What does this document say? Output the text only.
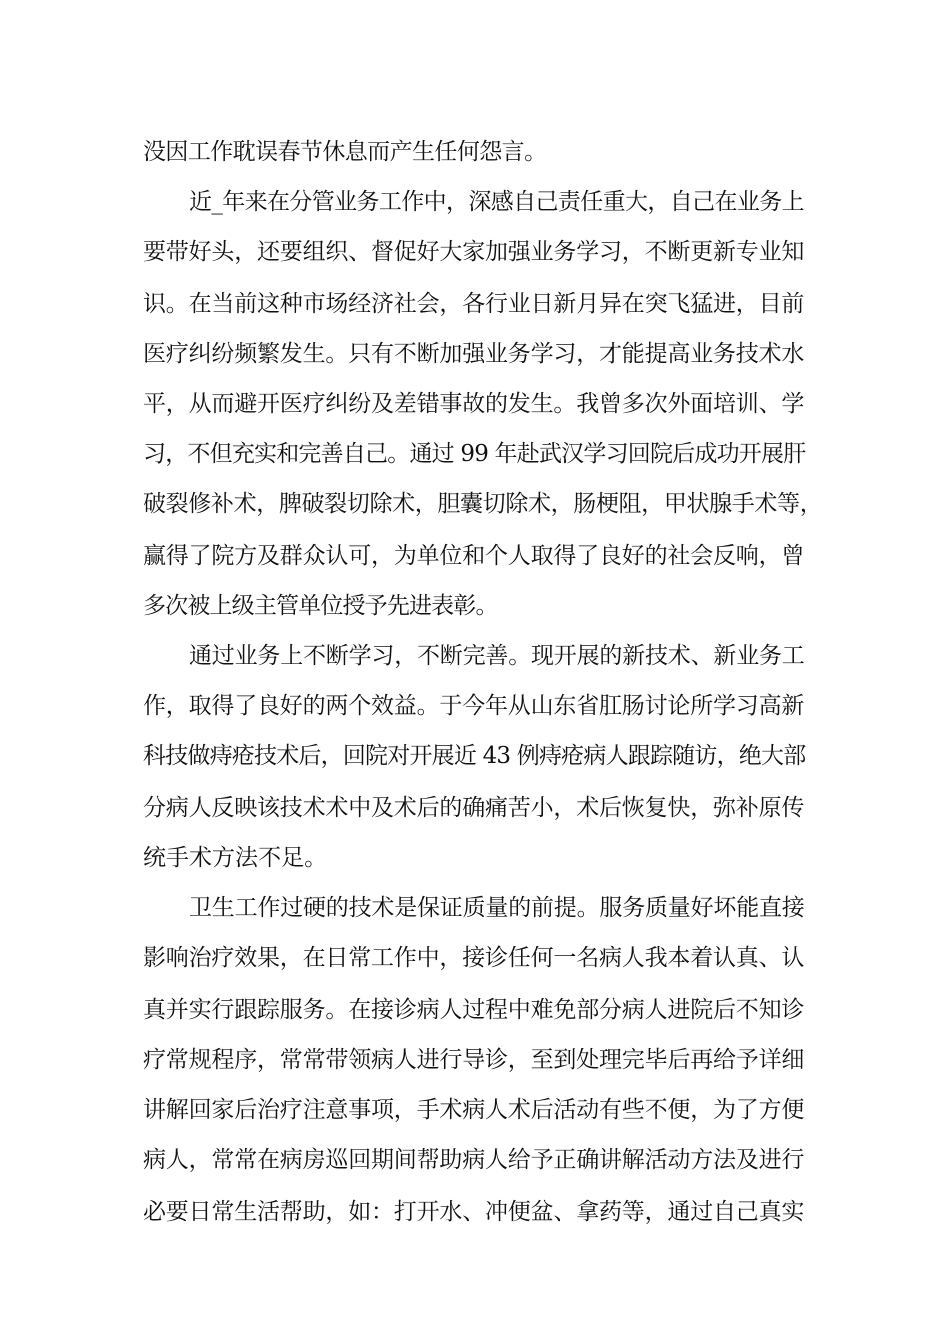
没因工作耽误春节休息而产生任何怨言。
近_年来在分管业务工作中，深感自己责任重大，自己在业务上
要带好头，还要组织、督促好大家加强业务学习，不断更新专业知
识。在当前这种市场经济社会，各行业日新月异在突飞猛进，目前
医疗纠纷频繁发生。只有不断加强业务学习，才能提高业务技术水
平，从而避开医疗纠纷及差错事故的发生。我曾多次外面培训、学
习，不但充实和完善自己。通过 99 年赴武汉学习回院后成功开展肝
破裂修补术，脾破裂切除术，胆囊切除术，肠梗阻，甲状腺手术等，
赢得了院方及群众认可，为单位和个人取得了良好的社会反响，曾
多次被上级主管单位授予先进表彰。
通过业务上不断学习，不断完善。现开展的新技术、新业务工
作，取得了良好的两个效益。于今年从山东省肛肠讨论所学习高新
科技做痔疮技术后，回院对开展近 43 例痔疮病人跟踪随访，绝大部
分病人反映该技术术中及术后的确痛苦小，术后恢复快，弥补原传
统手术方法不足。
卫生工作过硬的技术是保证质量的前提。服务质量好坏能直接
影响治疗效果，在日常工作中，接诊任何一名病人我本着认真、认
真并实行跟踪服务。在接诊病人过程中难免部分病人进院后不知诊
疗常规程序，常常带领病人进行导诊，至到处理完毕后再给予详细
讲解回家后治疗注意事项，手术病人术后活动有些不便，为了方便
病人，常常在病房巡回期间帮助病人给予正确讲解活动方法及进行
必要日常生活帮助，如：打开水、冲便盆、拿药等，通过自己真实
